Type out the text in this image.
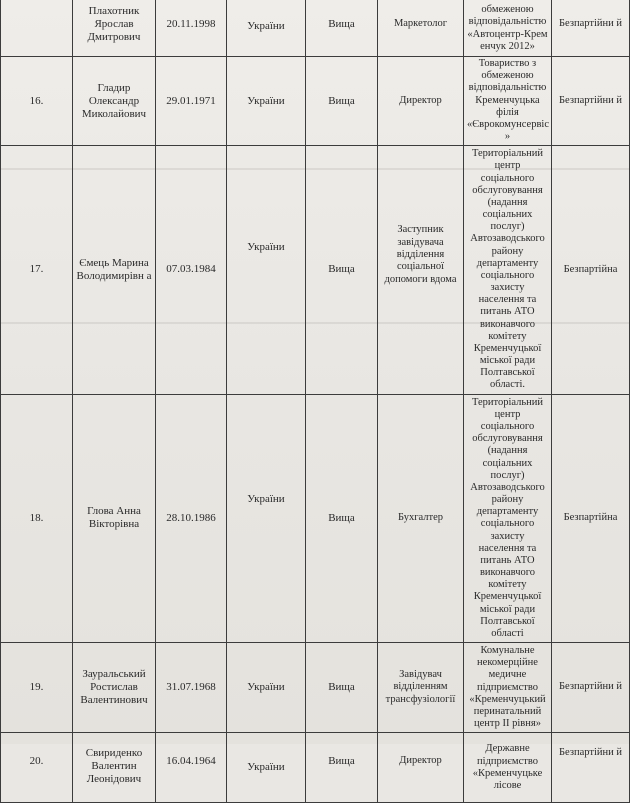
	Плахотник Ярослав Дмитрович	20.11.1998	України	Вища	Маркетолог	обмеженою відповідальністю «Автоцентр-Крем енчук 2012»	Безпартійни й
16.	Гладир Олександр Миколайович	29.01.1971	України	Вища	Директор	Товариство з обмеженою відповідальністю Кременчуцька філія «Єврокомунсервіс »	Безпартійни й
17.	Ємець Марина Володимирівн а	07.03.1984	України	Вища	Заступник завідувача відділення соціальної допомоги вдома	Територіальний центр соціального обслуговування (надання соціальних послуг) Автозаводського району департаменту соціального захисту населення та питань АТО виконавчого комітету Кременчуцької міської ради Полтавської області.	Безпартійна
18.	Глова Анна Вікторівна	28.10.1986	України	Вища	Бухгалтер	Територіальний центр соціального обслуговування (надання соціальних послуг) Автозаводського району департаменту соціального захисту населення та питань АТО виконавчого комітету Кременчуцької міської ради Полтавської області	Безпартійна
19.	Зауральський Ростислав Валентинович	31.07.1968	України	Вища	Завідувач відділенням трансфузіології	Комунальне некомерційне медичне підприємство «Кременчуцький перинатальний центр ІІ рівня»	Безпартійни й
20.	Свириденко Валентин Леонідович	16.04.1964	України	Вища	Директор	Державне підприємство «Кременчуцьке лісове	Безпартійни й
